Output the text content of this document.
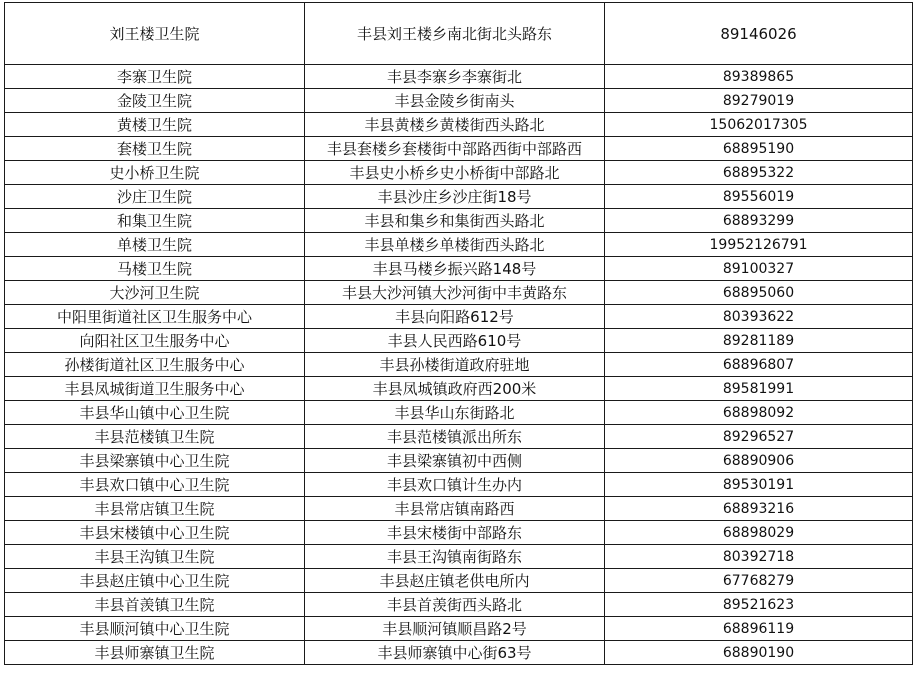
刘王楼卫生院	丰县刘王楼乡南北街北头路东	89146026
李寨卫生院	丰县李寨乡李寨街北	89389865
金陵卫生院	丰县金陵乡街南头	89279019
黄楼卫生院	丰县黄楼乡黄楼街西头路北	15062017305
套楼卫生院	丰县套楼乡套楼街中部路西街中部路西	68895190
史小桥卫生院	丰县史小桥乡史小桥街中部路北	68895322
沙庄卫生院	丰县沙庄乡沙庄街18号	89556019
和集卫生院	丰县和集乡和集街西头路北	68893299
单楼卫生院	丰县单楼乡单楼街西头路北	19952126791
马楼卫生院	丰县马楼乡振兴路148号	89100327
大沙河卫生院	丰县大沙河镇大沙河街中丰黄路东	68895060
中阳里街道社区卫生服务中心	丰县向阳路612号	80393622
向阳社区卫生服务中心	丰县人民西路610号	89281189
孙楼街道社区卫生服务中心	丰县孙楼街道政府驻地	68896807
丰县凤城街道卫生服务中心	丰县凤城镇政府西200米	89581991
丰县华山镇中心卫生院	丰县华山东街路北	68898092
丰县范楼镇卫生院	丰县范楼镇派出所东	89296527
丰县梁寨镇中心卫生院	丰县梁寨镇初中西侧	68890906
丰县欢口镇中心卫生院	丰县欢口镇计生办内	89530191
丰县常店镇卫生院	丰县常店镇南路西	68893216
丰县宋楼镇中心卫生院	丰县宋楼街中部路东	68898029
丰县王沟镇卫生院	丰县王沟镇南街路东	80392718
丰县赵庄镇中心卫生院	丰县赵庄镇老供电所内	67768279
丰县首羡镇卫生院	丰县首羡街西头路北	89521623
丰县顺河镇中心卫生院	丰县顺河镇顺昌路2号	68896119
丰县师寨镇卫生院	丰县师寨镇中心街63号	68890190
